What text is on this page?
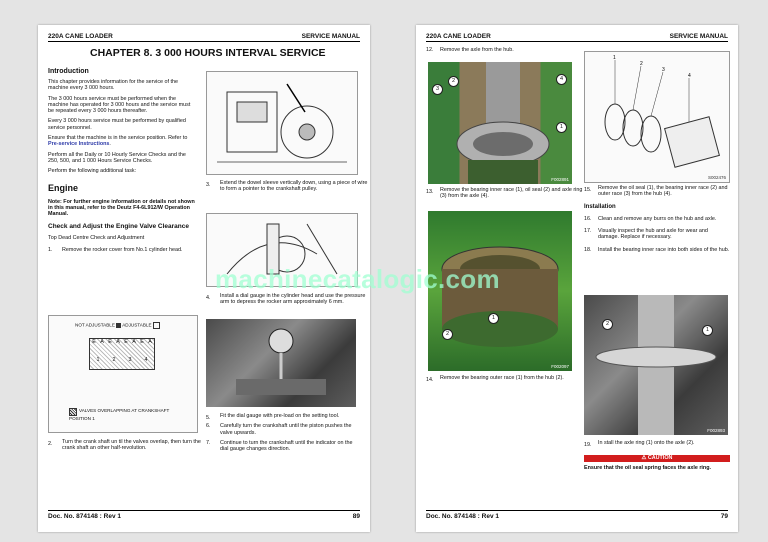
220A CANE LOADER	SERVICE MANUAL
CHAPTER 8. 3 000 HOURS INTERVAL SERVICE
Introduction

This chapter provides information for the service of the machine every 3 000 hours.

The 3 000 hours service must be performed when the machine has operated for 3 000 hours and the service must be repeated every 3 000 hours thereafter.

Every 3 000 hours service must be performed by qualified service personnel.

Ensure that the machine is in the service position. Refer to Pre-service Instructions.

Perform all the Daily or 10 Hourly Service Checks and the 250, 500, and 1 000 Hours Service Checks.

Perform the following additional task:

Engine

Note: For further engine information or details not shown in this manual, refer to the Deutz F4-6L912/W Operation Manual.

Check and Adjust the Engine Valve Clearance

Top Dead Centre Check and Adjustment

1. Remove the rocker cover from No.1 cylinder head.
NOT ADJUSTABLE ADJUSTABLE
E A E A E A E A
1	2	3	4
VALVES OVERLAPPING AT CRANKSHAFT POSITION 1
2. Turn the crank shaft un til the valves overlap, then turn the crank shaft an other half-revolution.
3. Extend the dowel sleeve vertically down, using a piece of wire to form a pointer to the crankshaft pulley.
4. Install a dial gauge in the cylinder head and use the pressure arm to depress the rocker arm approximately 6 mm.
5. Fit the dial gauge with pre-load on the setting tool.
6. Carefully turn the crankshaft until the piston pushes the valve upwards.
7. Continue to turn the crankshaft until the indicator on the dial gauge changes direction.
Doc. No. 874148 : Rev 1	89
220A CANE LOADER	SERVICE MANUAL
12. Remove the axle from the hub.
4
3
2
1
F002891
13. Remove the bearing inner race (1), oil seal (2) and axle ring (3) from the axle (4).
1
2
F002097
14. Remove the bearing outer race (1) from the hub (2).
1
2
3
4
S002476
15. Remove the oil seal (1), the bearing inner race (2) and outer race (3) from the hub (4).
Installation
16. Clean and remove any burrs on the hub and axle.
17. Visually inspect the hub and axle for wear and damage. Replace if necessary.
18. Install the bearing inner race into both sides of the hub.
2
1
F002893
19. In stall the axle ring (1) onto the axle (2).
⚠ CAUTION
Ensure that the oil seal spring faces the axle ring.
Doc. No. 874148 : Rev 1	79
machinecatalogic.com
